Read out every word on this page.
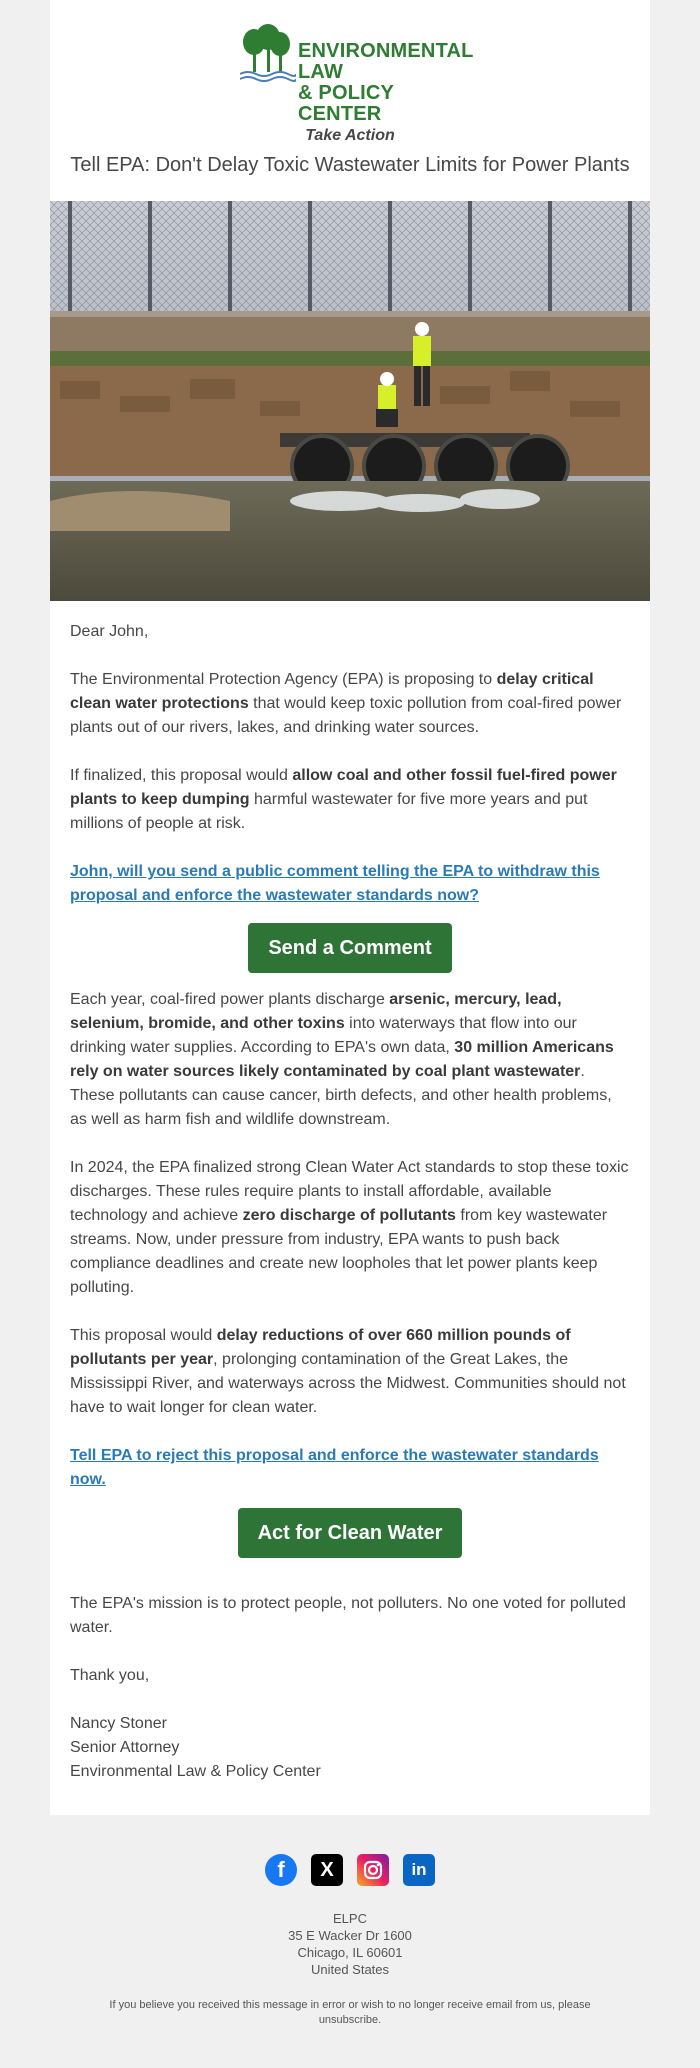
ENVIRONMENTAL LAW
& POLICY CENTER
Take Action
Tell EPA: Don't Delay Toxic Wastewater Limits for Power Plants
Dear John,
The Environmental Protection Agency (EPA) is proposing to delay critical clean water protections that would keep toxic pollution from coal-fired power plants out of our rivers, lakes, and drinking water sources.
If finalized, this proposal would allow coal and other fossil fuel-fired power plants to keep dumping harmful wastewater for five more years and put millions of people at risk.
John, will you send a public comment telling the EPA to withdraw this proposal and enforce the wastewater standards now?
Send a Comment
Each year, coal-fired power plants discharge arsenic, mercury, lead, selenium, bromide, and other toxins into waterways that flow into our drinking water supplies. According to EPA's own data, 30 million Americans rely on water sources likely contaminated by coal plant wastewater. These pollutants can cause cancer, birth defects, and other health problems, as well as harm fish and wildlife downstream.
In 2024, the EPA finalized strong Clean Water Act standards to stop these toxic discharges. These rules require plants to install affordable, available technology and achieve zero discharge of pollutants from key wastewater streams. Now, under pressure from industry, EPA wants to push back compliance deadlines and create new loopholes that let power plants keep polluting.
This proposal would delay reductions of over 660 million pounds of pollutants per year, prolonging contamination of the Great Lakes, the Mississippi River, and waterways across the Midwest. Communities should not have to wait longer for clean water.
Tell EPA to reject this proposal and enforce the wastewater standards now.
Act for Clean Water
The EPA's mission is to protect people, not polluters. No one voted for polluted water.
Thank you,
Nancy Stoner
Senior Attorney
Environmental Law & Policy Center
f	X	in
ELPC
35 E Wacker Dr 1600
Chicago, IL 60601
United States
If you believe you received this message in error or wish to no longer receive email from us, please unsubscribe.
